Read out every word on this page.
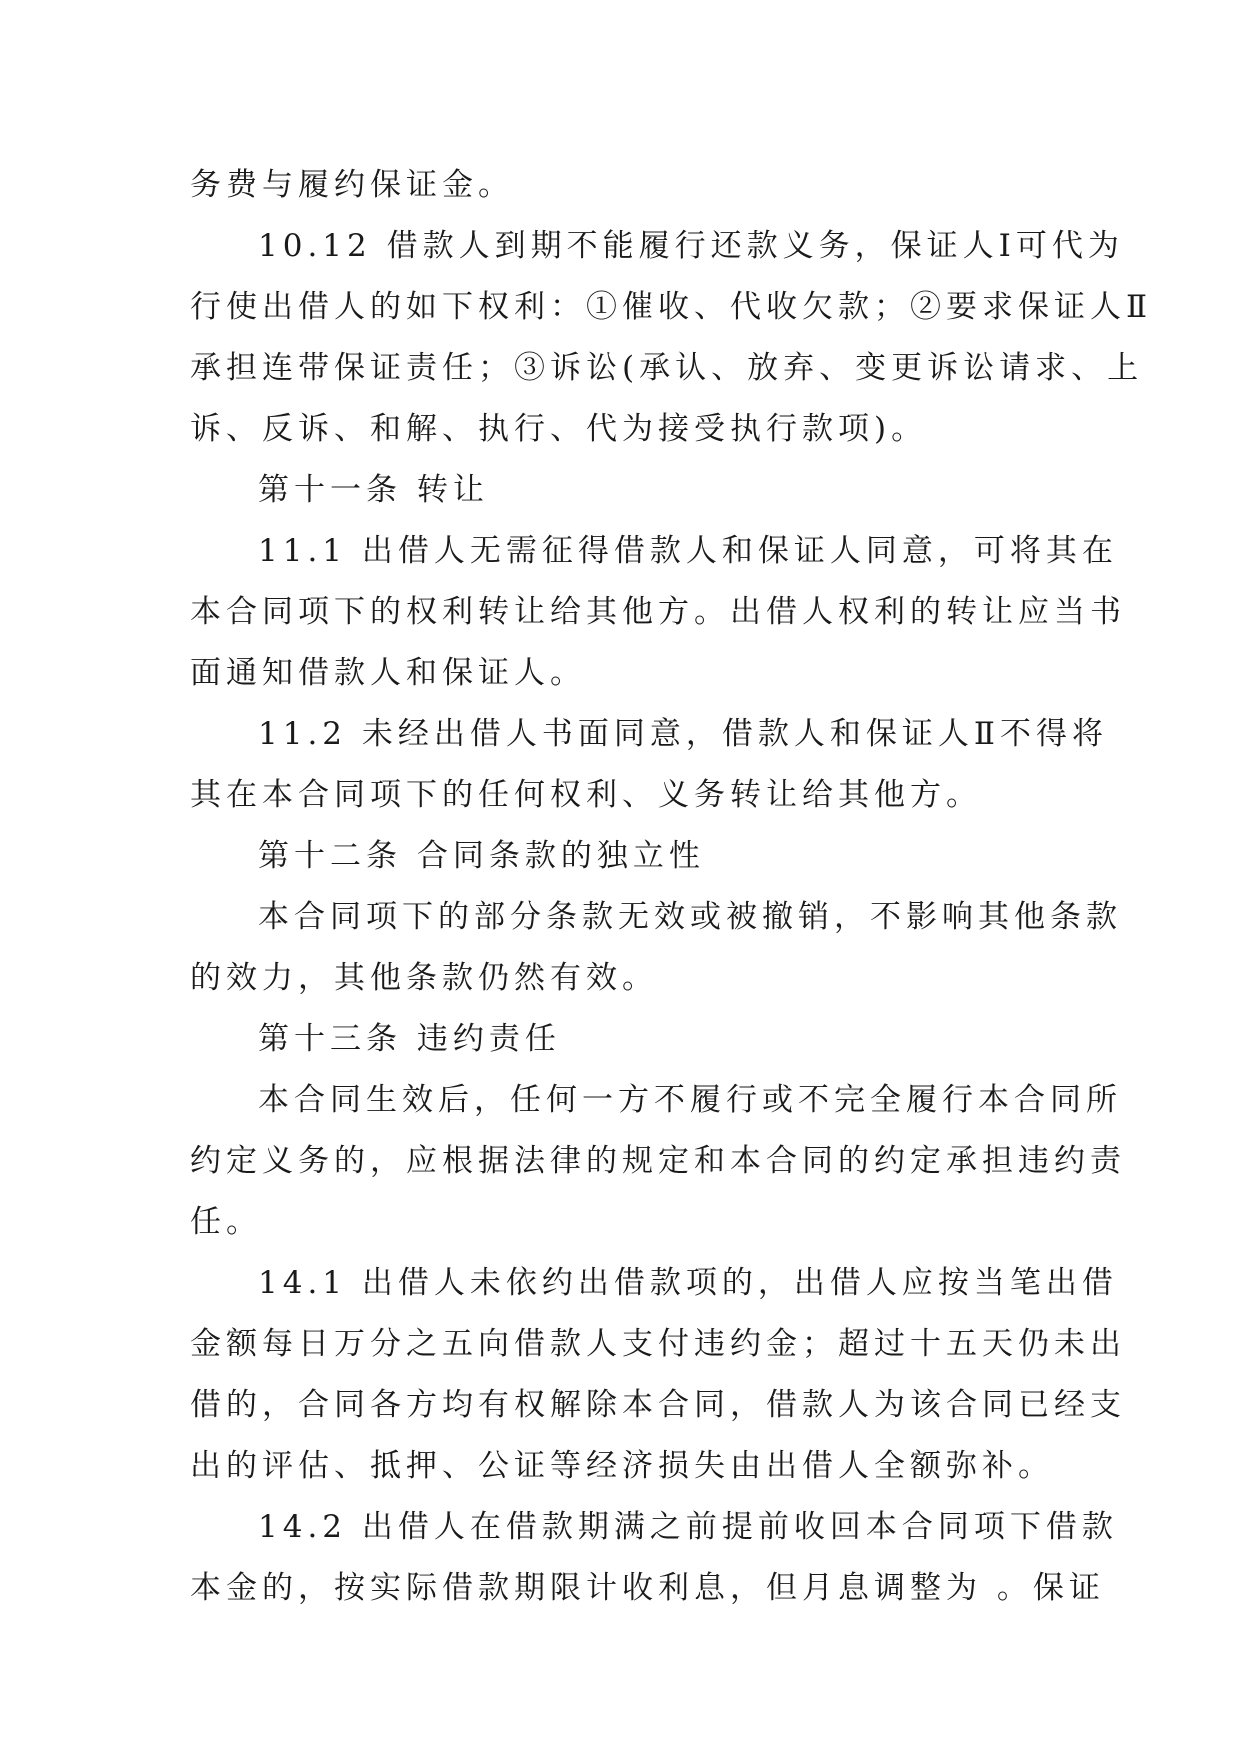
务费与履约保证金。
10.12 借款人到期不能履行还款义务，保证人Ⅰ可代为
行使出借人的如下权利：①催收、代收欠款；②要求保证人Ⅱ
承担连带保证责任；③诉讼(承认、放弃、变更诉讼请求、上
诉、反诉、和解、执行、代为接受执行款项)。
第十一条 转让
11.1 出借人无需征得借款人和保证人同意，可将其在
本合同项下的权利转让给其他方。出借人权利的转让应当书
面通知借款人和保证人。
11.2 未经出借人书面同意，借款人和保证人Ⅱ不得将
其在本合同项下的任何权利、义务转让给其他方。
第十二条 合同条款的独立性
本合同项下的部分条款无效或被撤销，不影响其他条款
的效力，其他条款仍然有效。
第十三条 违约责任
本合同生效后，任何一方不履行或不完全履行本合同所
约定义务的，应根据法律的规定和本合同的约定承担违约责
任。
14.1 出借人未依约出借款项的，出借人应按当笔出借
金额每日万分之五向借款人支付违约金；超过十五天仍未出
借的，合同各方均有权解除本合同，借款人为该合同已经支
出的评估、抵押、公证等经济损失由出借人全额弥补。
14.2 出借人在借款期满之前提前收回本合同项下借款
本金的，按实际借款期限计收利息，但月息调整为 。保证
